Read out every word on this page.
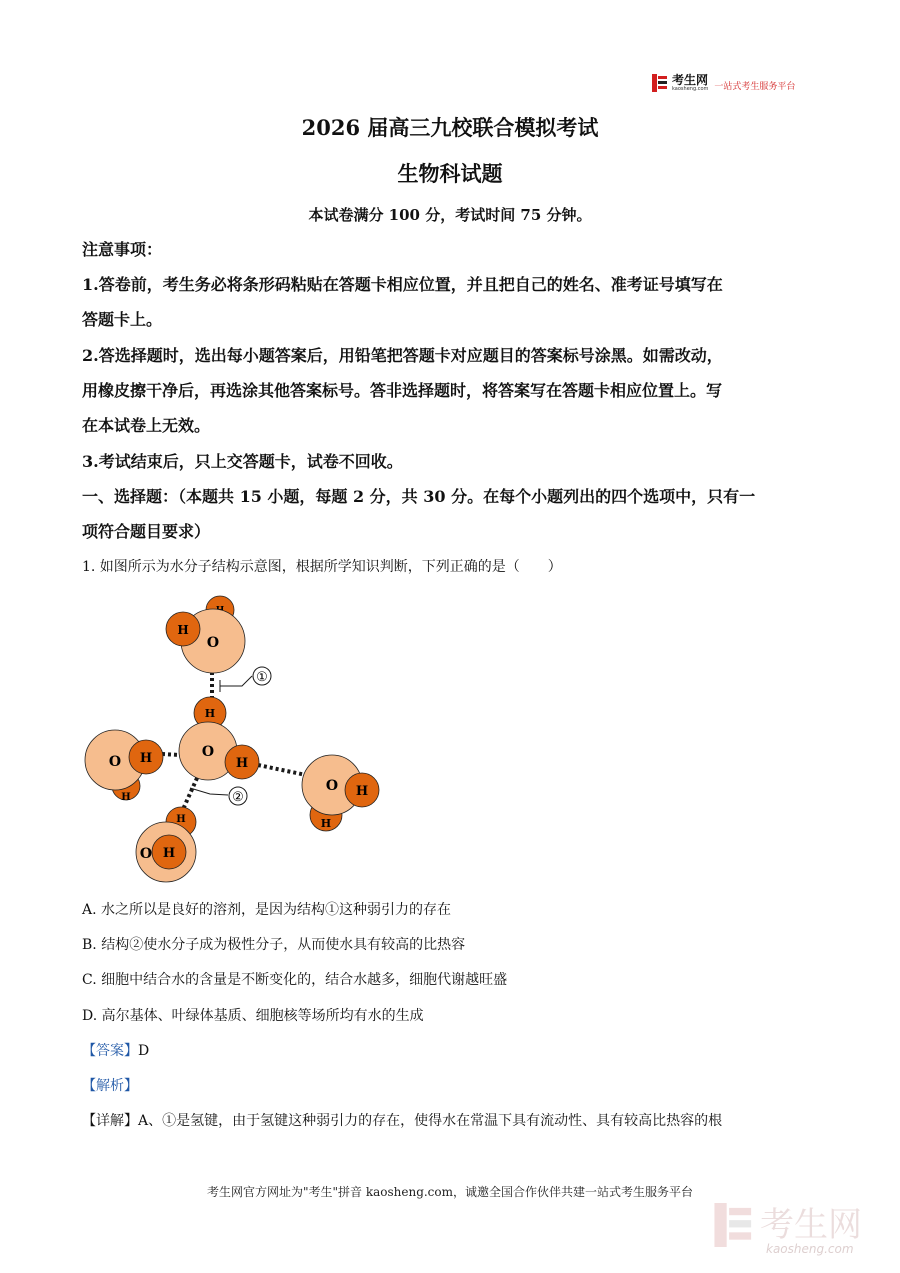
考生网
kaosheng.com 一站式考生服务平台
2026 届高三九校联合模拟考试
生物科试题
本试卷满分 100 分，考试时间 75 分钟。
注意事项：
1.答卷前，考生务必将条形码粘贴在答题卡相应位置，并且把自己的姓名、准考证号填写在
答题卡上。
2.答选择题时，选出每小题答案后，用铅笔把答题卡对应题目的答案标号涂黑。如需改动，
用橡皮擦干净后，再选涂其他答案标号。答非选择题时，将答案写在答题卡相应位置上。写
在本试卷上无效。
3.考试结束后，只上交答题卡，试卷不回收。
一、选择题：（本题共 15 小题，每题 2 分，共 30 分。在每个小题列出的四个选项中，只有一
项符合题目要求）
1. 如图所示为水分子结构示意图，根据所学知识判断，下列正确的是（　　）
①
②
O
H
H
O H
H
O
H
H
O H
H
O H
A. 水之所以是良好的溶剂，是因为结构①这种弱引力的存在
B. 结构②使水分子成为极性分子，从而使水具有较高的比热容
C. 细胞中结合水的含量是不断变化的，结合水越多，细胞代谢越旺盛
D. 高尔基体、叶绿体基质、细胞核等场所均有水的生成
【答案】D
【解析】
【详解】A、①是氢键，由于氢键这种弱引力的存在，使得水在常温下具有流动性、具有较高比热容的根
考生网官方网址为"考生"拼音 kaosheng.com，诚邀全国合作伙伴共建一站式考生服务平台
考生网
kaosheng.com
